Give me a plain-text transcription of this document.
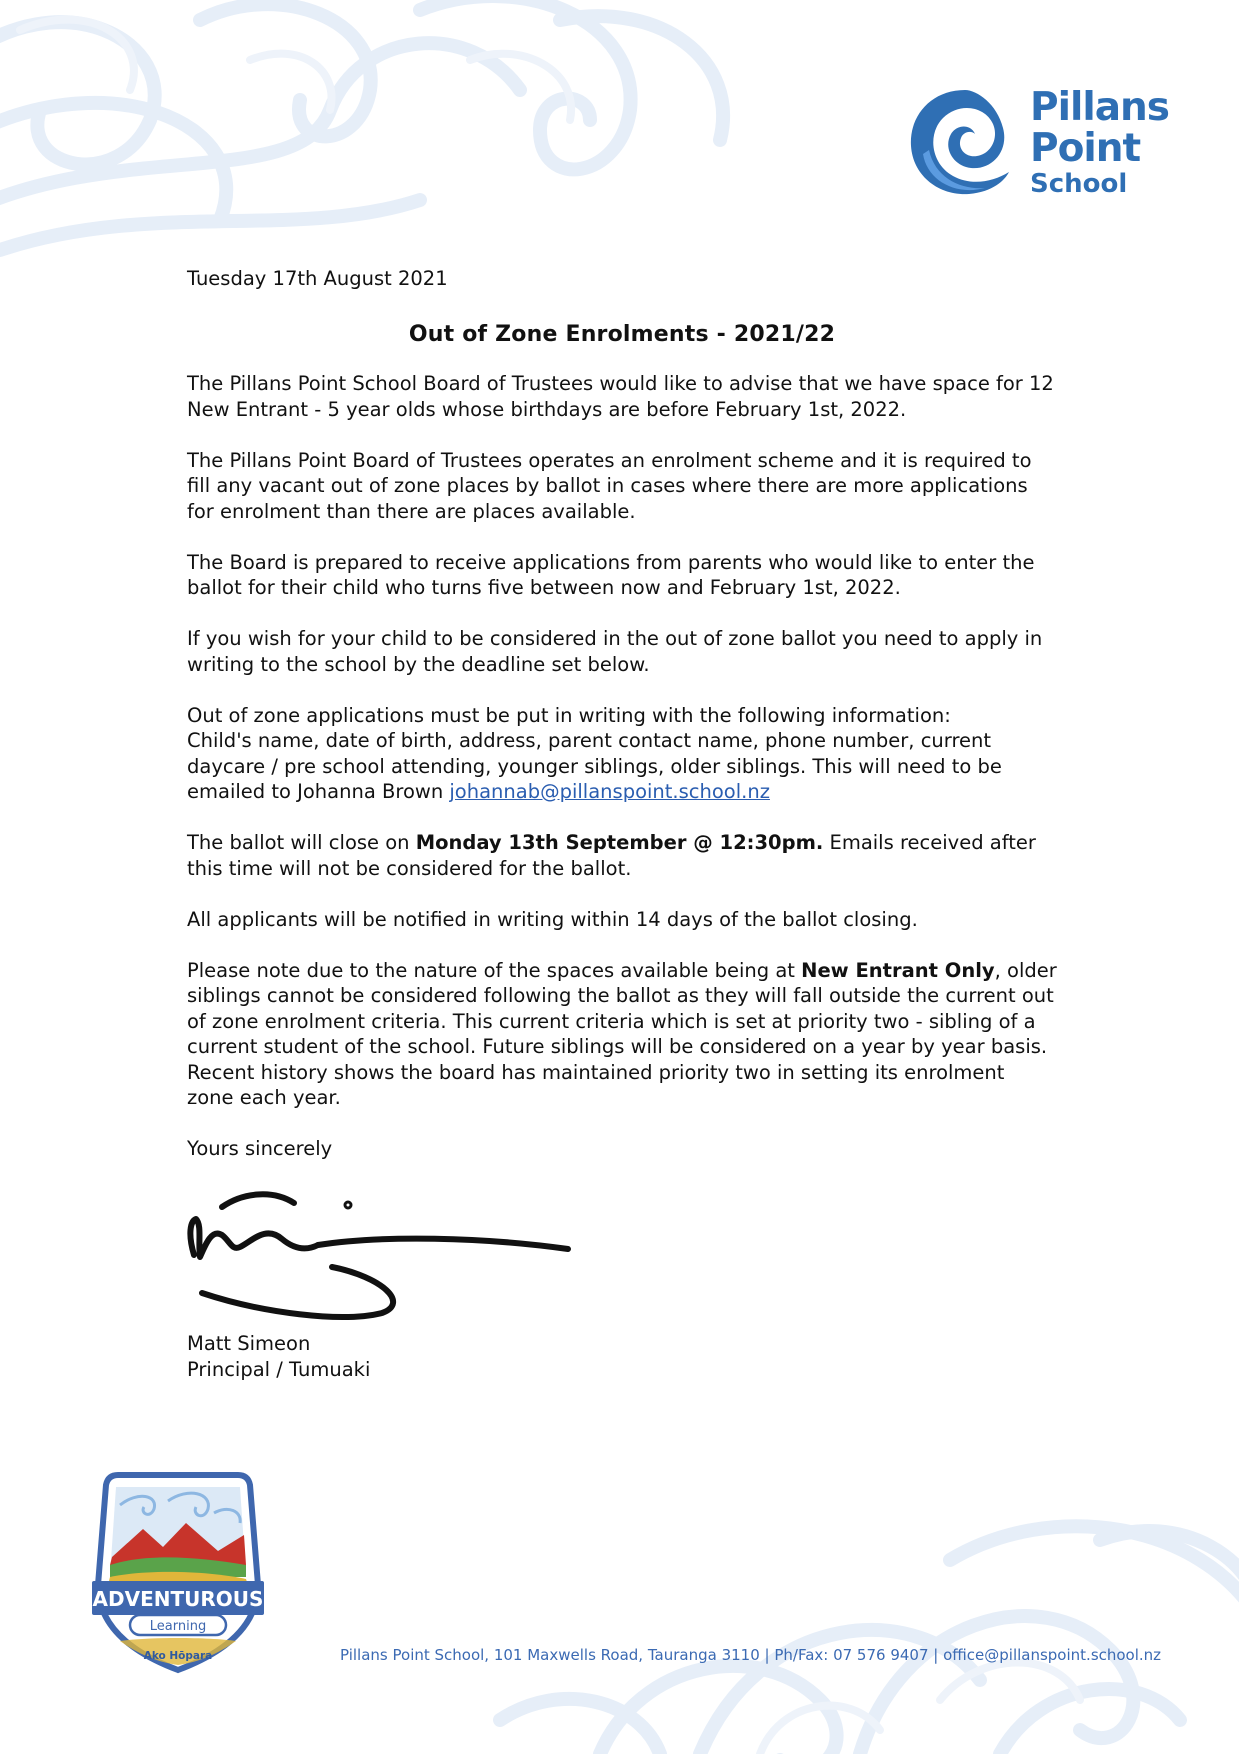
Pillans
Point
School

Tuesday 17th August 2021

Out of Zone Enrolments - 2021/22

The Pillans Point School Board of Trustees would like to advise that we have space for 12 New Entrant - 5 year olds whose birthdays are before February 1st, 2022.

The Pillans Point Board of Trustees operates an enrolment scheme and it is required to fill any vacant out of zone places by ballot in cases where there are more applications for enrolment than there are places available.

The Board is prepared to receive applications from parents who would like to enter the ballot for their child who turns five between now and February 1st, 2022.

If you wish for your child to be considered in the out of zone ballot you need to apply in writing to the school by the deadline set below.

Out of zone applications must be put in writing with the following information:
Child's name, date of birth, address, parent contact name, phone number, current daycare / pre school attending, younger siblings, older siblings. This will need to be emailed to Johanna Brown johannab@pillanspoint.school.nz

The ballot will close on Monday 13th September @ 12:30pm. Emails received after this time will not be considered for the ballot.

All applicants will be notified in writing within 14 days of the ballot closing.

Please note due to the nature of the spaces available being at New Entrant Only, older siblings cannot be considered following the ballot as they will fall outside the current out of zone enrolment criteria. This current criteria which is set at priority two - sibling of a current student of the school. Future siblings will be considered on a year by year basis. Recent history shows the board has maintained priority two in setting its enrolment zone each year.

Yours sincerely

Matt Simeon
Principal / Tumuaki
ADVENTUROUS
Learning
Ako Hōpara	Pillans Point School, 101 Maxwells Road, Tauranga 3110 | Ph/Fax: 07 576 9407 | office@pillanspoint.school.nz
